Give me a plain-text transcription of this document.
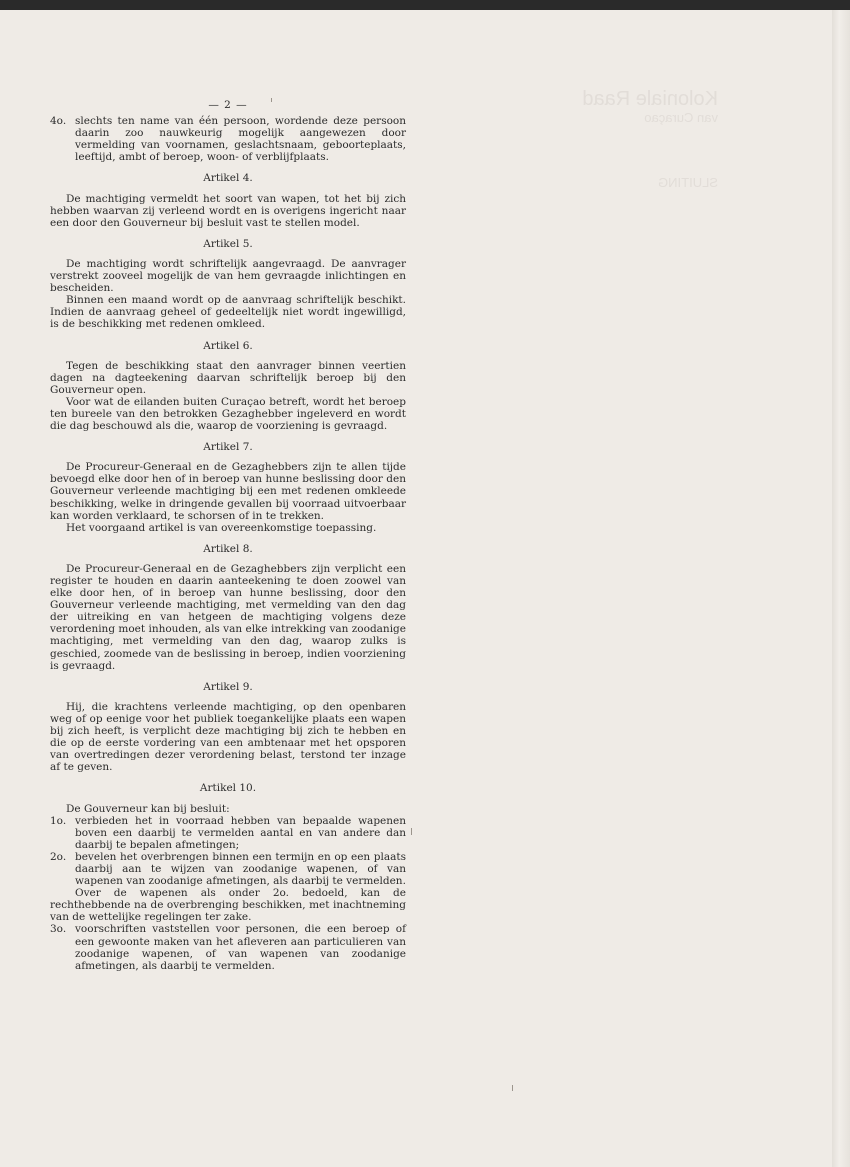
Koloniale Raad
van Curaçao
SLUITING
— 2 —
4o. slechts ten name van één persoon, wordende deze persoon daarin zoo nauwkeurig mogelijk aangewezen door vermelding van voornamen, geslachtsnaam, geboorteplaats, leeftijd, ambt of beroep, woon- of verblijfplaats.
Artikel 4.
De machtiging vermeldt het soort van wapen, tot het bij zich hebben waarvan zij verleend wordt en is overigens ingericht naar een door den Gouverneur bij besluit vast te stellen model.
Artikel 5.
De machtiging wordt schriftelijk aangevraagd. De aanvrager verstrekt zooveel mogelijk de van hem gevraagde inlichtingen en bescheiden.
Binnen een maand wordt op de aanvraag schriftelijk beschikt. Indien de aanvraag geheel of gedeeltelijk niet wordt ingewilligd, is de beschikking met redenen omkleed.
Artikel 6.
Tegen de beschikking staat den aanvrager binnen veertien dagen na dagteekening daarvan schriftelijk beroep bij den Gouverneur open.
Voor wat de eilanden buiten Curaçao betreft, wordt het beroep ten bureele van den betrokken Gezaghebber ingeleverd en wordt die dag beschouwd als die, waarop de voorziening is gevraagd.
Artikel 7.
De Procureur-Generaal en de Gezaghebbers zijn te allen tijde bevoegd elke door hen of in beroep van hunne beslissing door den Gouverneur verleende machtiging bij een met redenen omkleede beschikking, welke in dringende gevallen bij voorraad uitvoerbaar kan worden verklaard, te schorsen of in te trekken.
Het voorgaand artikel is van overeenkomstige toepassing.
Artikel 8.
De Procureur-Generaal en de Gezaghebbers zijn verplicht een register te houden en daarin aanteekening te doen zoowel van elke door hen, of in beroep van hunne beslissing, door den Gouverneur verleende machtiging, met vermelding van den dag der uitreiking en van hetgeen de machtiging volgens deze verordening moet inhouden, als van elke intrekking van zoodanige machtiging, met vermelding van den dag, waarop zulks is geschied, zoomede van de beslissing in beroep, indien voorziening is gevraagd.
Artikel 9.
Hij, die krachtens verleende machtiging, op den openbaren weg of op eenige voor het publiek toegankelijke plaats een wapen bij zich heeft, is verplicht deze machtiging bij zich te hebben en die op de eerste vordering van een ambtenaar met het opsporen van overtredingen dezer verordening belast, terstond ter inzage af te geven.
Artikel 10.
De Gouverneur kan bij besluit:
1o. verbieden het in voorraad hebben van bepaalde wapenen boven een daarbij te vermelden aantal en van andere dan daarbij te bepalen afmetingen;
2o. bevelen het overbrengen binnen een termijn en op een plaats daarbij aan te wijzen van zoodanige wapenen, of van wapenen van zoodanige afmetingen, als daarbij te vermelden.
Over de wapenen als onder 2o. bedoeld, kan de rechthebbende na de overbrenging beschikken, met inachtneming van de wettelijke regelingen ter zake.
3o. voorschriften vaststellen voor personen, die een beroep of een gewoonte maken van het afleveren aan particulieren van zoodanige wapenen, of van wapenen van zoodanige afmetingen, als daarbij te vermelden.
